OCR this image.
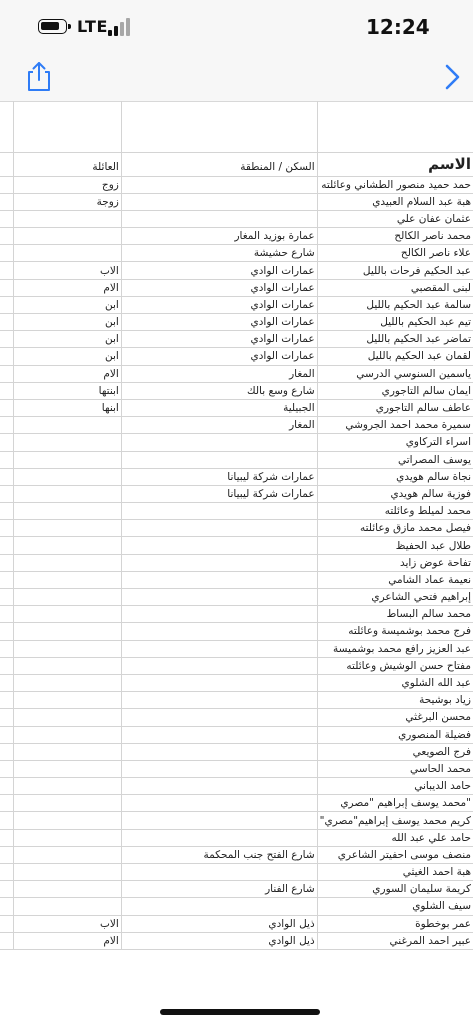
LTE	12:24

	العائلة	السكن / المنطقة	الاسم
	زوج		حمد حميد منصور الطشاني وعائلته
	زوجة		هبة عبد السلام العبيدي
			عثمان عفان علي
		عمارة بوزيد المغار	محمد ناصر الكالح
		شارع حشيشة	علاء ناصر الكالح
	الاب	عمارات الوادي	عبد الحكيم فرحات بالليل
	الام	عمارات الوادي	لبنى المقصبي
	ابن	عمارات الوادي	سالمة عبد الحكيم بالليل
	ابن	عمارات الوادي	تيم عبد الحكيم بالليل
	ابن	عمارات الوادي	تماضر عبد الحكيم بالليل
	ابن	عمارات الوادي	لقمان عبد الحكيم بالليل
	الام	المغار	ياسمين السنوسي الدرسي
	ابنتها	شارع وسع بالك	ايمان سالم التاجوري
	ابنها	الجبيلية	عاطف سالم التاجوري
		المغار	سميرة محمد احمد الجروشي
			اسراء التركاوي
			يوسف المصراتي
		عمارات شركة ليبيانا	نجاة سالم هويدي
		عمارات شركة ليبيانا	فوزية سالم هويدي
			محمد لميلط وعائلته
			فيصل محمد مازق وعائلته
			طلال عبد الحفيظ
			تفاحة عوض زايد
			نعيمة عماد الشامي
			إبراهيم فتحي الشاعري
			محمد سالم البساط
			فرج محمد بوشميسة وعائلته
			عبد العزيز رافع محمد بوشميسة
			مفتاح حسن الوشيش وعائلته
			عبد الله الشلوي
			زياد بوشيحة
			محسن البرغثي
			فضيلة المنصوري
			فرج الصويعي
			محمد الحاسي
			حامد الديباني
			"محمد يوسف إبراهيم "مصري
			كريم محمد يوسف إبراهيم"مصري"
			حامد علي عبد الله
		شارع الفتح جنب المحكمة	منصف موسى احفيتر الشاعري
			هبة احمد الغيثي
		شارع الفنار	كريمة سليمان السوري
			سيف الشلوي
	الاب	ذيل الوادي	عمر بوخطوة
	الام	ذيل الوادي	عبير احمد المرغني
